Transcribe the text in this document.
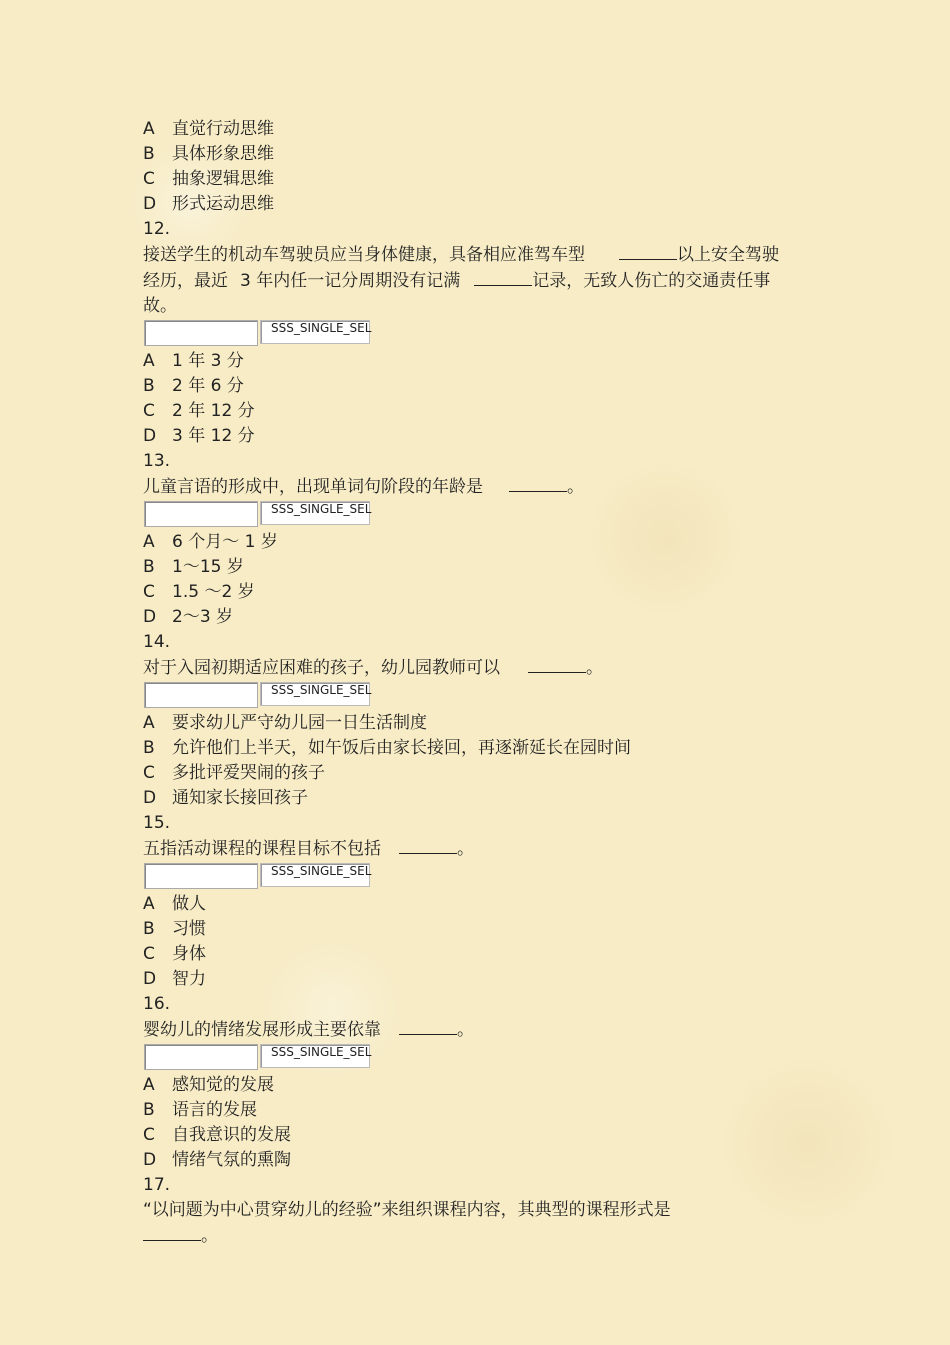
A	直觉行动思维
B	具体形象思维
C	抽象逻辑思维
D 形式运动思维
12.
接送学生的机动车驾驶员应当身体健康，具备相应准驾车型	以上安全驾驶经历，最近 3 年内任一记分周期没有记满	记录，无致人伤亡的交通责任事故。
SSS_SINGLE_SEL
A	1 年 3 分
B	2 年 6 分
C	2 年 12 分
D 3 年 12 分
13.
儿童言语的形成中，出现单词句阶段的年龄是	。
SSS_SINGLE_SEL
A	6 个月～ 1 岁
B	1～15 岁
C	1.5 ～2 岁
D 2～3 岁
14.
对于入园初期适应困难的孩子，幼儿园教师可以	。
SSS_SINGLE_SEL
A	要求幼儿严守幼儿园一日生活制度
B	允许他们上半天，如午饭后由家长接回，再逐渐延长在园时间
C	多批评爱哭闹的孩子
D 通知家长接回孩子
15.
五指活动课程的课程目标不包括	。
SSS_SINGLE_SEL
A	做人
B	习惯
C	身体
D 智力
16.
婴幼儿的情绪发展形成主要依靠	。
SSS_SINGLE_SEL
A	感知觉的发展
B	语言的发展
C	自我意识的发展
D 情绪气氛的熏陶
17.
“以问题为中心贯穿幼儿的经验”来组织课程内容，其典型的课程形式是
。
